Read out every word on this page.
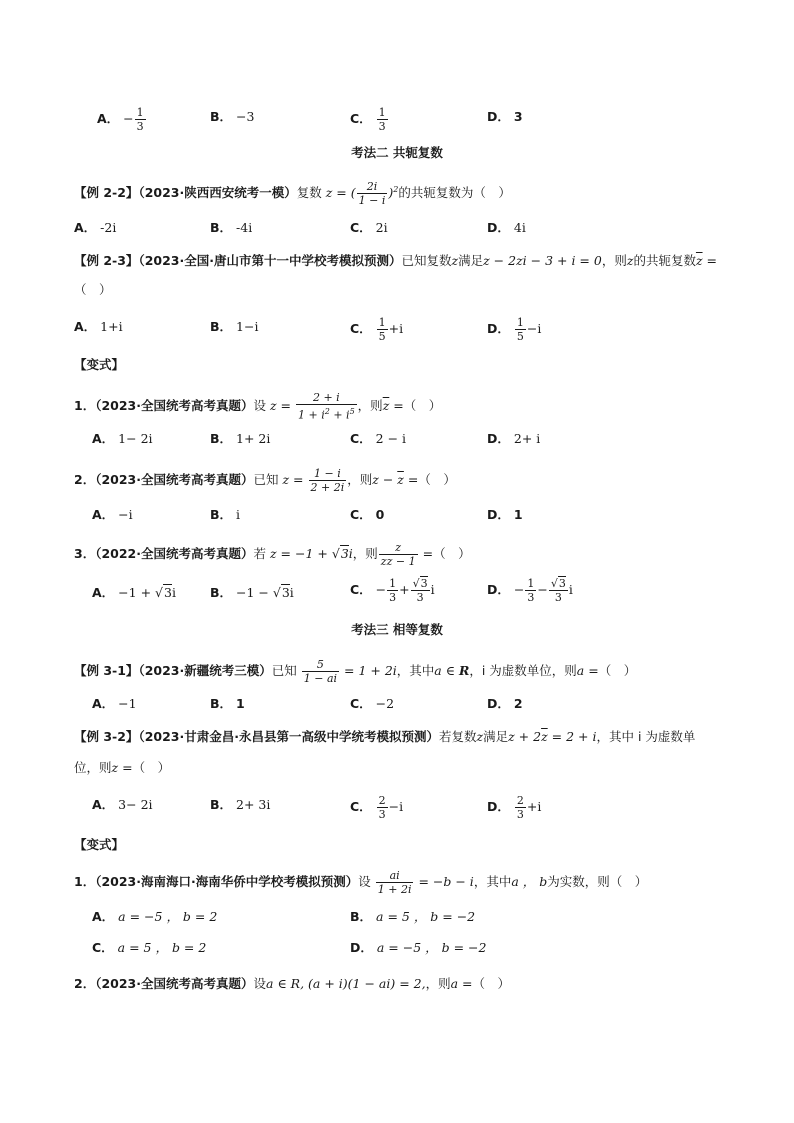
A． − $\frac{1}{3}$	B． −3	C． $\frac{1}{3}$	D． 3
考法二 共轭复数
【例 2-2】（2023·陕西西安统考一模）复数 z = ( $\frac{2i}{1 - i} )^2$的共轭复数为（　）
A． -2i	B． -4i	C． 2i	D． 4i
【例 2-3】（2023·全国·唐山市第十一中学校考模拟预测）已知复数z满足z − 2zi − 3 + i = 0，则z的共轭复数$\overline{z}$ =
（　）
A． 1+i	B． 1−i	C． $\frac{1}{5} +i$	D． $\frac{1}{5} -i$
【变式】
1．（2023·全国统考高考真题）设 $z = \frac{2 + i}{1 + i^2 + i^5}$ ，则$\overline{z}$ =（　）
A． 1− 2i	B． 1+ 2i	C． 2 − i	D． 2+ i
2．（2023·全国统考高考真题）已知 $z = \frac{1 - i}{2 + 2i}$ ，则$z - \overline{z}$ =（　）
A． −i	B． i	C． 0	D． 1
3．（2022·全国统考高考真题）若 z = −1 + √3i，则 $\frac{z}{z\overline{z} - 1}$ =（　）
A． −1 + √3i	B． −1 − √3i	C． − $\frac{1}{3} + \frac{√3}{3}$ i	D． − $\frac{1}{3} - \frac{√3}{3}$ i
考法三 相等复数
【例 3-1】（2023·新疆统考三模）已知 $\frac{5}{1 - ai} = 1 + 2i$，其中a ∈ R，i 为虚数单位，则a =（　）
A． −1	B． 1	C． −2	D． 2
【例 3-2】（2023·甘肃金昌·永昌县第一高级中学统考模拟预测）若复数z满足$z + 2\overline{z} = 2 + i$，其中 i 为虚数单
位，则z =（　）
A． 3− 2i	B． 2+ 3i	C． $\frac{2}{3} -i$	D． $\frac{2}{3} +i$
【变式】
1．（2023·海南海口·海南华侨中学校考模拟预测）设 $\frac{ai}{1 + 2i} = -b - i$，其中a ， b为实数，则（　）
A． a = −5 ， b = 2	B． a = 5 ， b = −2
C． a = 5 ， b = 2	D． a = −5 ， b = −2
2．（2023·全国统考高考真题）设a ∈ R, (a + i)(1 − ai) = 2,，则a =（　）
